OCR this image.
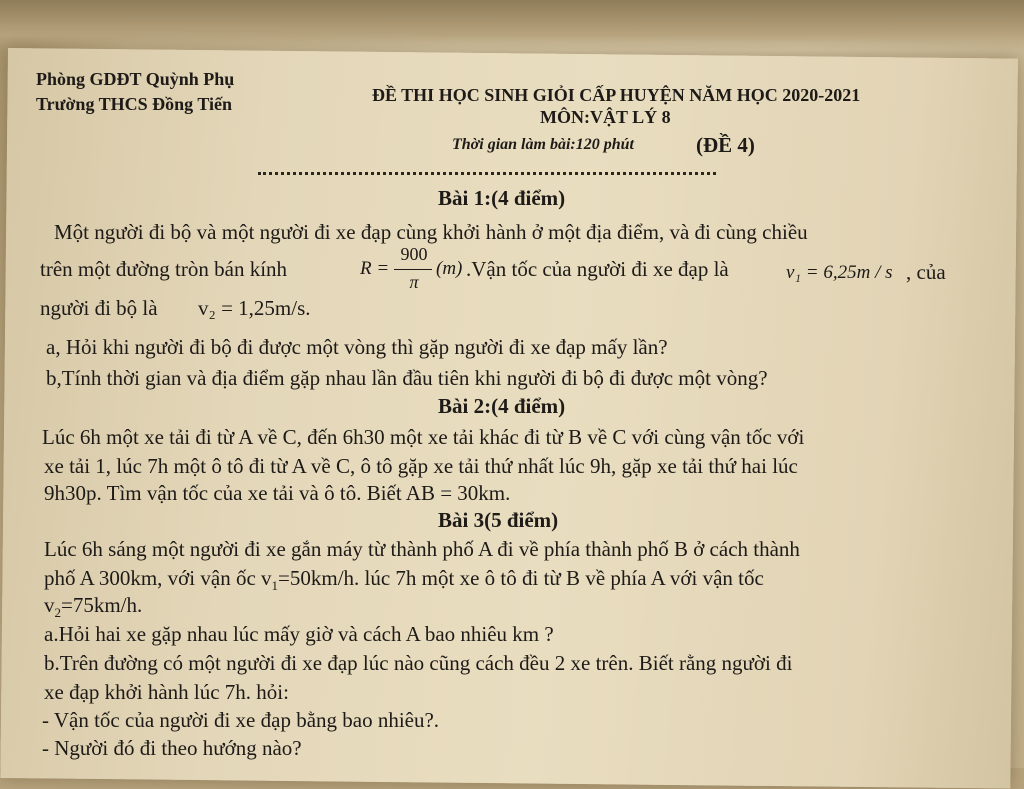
Phòng GDĐT Quỳnh Phụ
Trường THCS Đồng Tiến	ĐỀ THI HỌC SINH GIỎI CẤP HUYỆN NĂM HỌC 2020-2021
MÔN:VẬT LÝ 8
Thời gian làm bài:120 phút	(ĐỀ 4)
Bài 1:(4 điểm)
Một người đi bộ và một người đi xe đạp cùng khởi hành ở một địa điểm, và đi cùng chiều
trên một đường tròn bán kính	R =
900
π
(m) .Vận tốc của người đi xe đạp là	v₁ = 6,25m / s , của
người đi bộ là v₂ = 1,25m/s.
a, Hỏi khi người đi bộ đi được một vòng thì gặp người đi xe đạp mấy lần?
b,Tính thời gian và địa điểm gặp nhau lần đầu tiên khi người đi bộ đi được một vòng?
Bài 2:(4 điểm)
Lúc 6h một xe tải đi từ A về C, đến 6h30 một xe tải khác đi từ B về C với cùng vận tốc với
xe tải 1, lúc 7h một ô tô đi từ A về C, ô tô gặp xe tải thứ nhất lúc 9h, gặp xe tải thứ hai lúc
9h30p. Tìm vận tốc của xe tải và ô tô. Biết AB = 30km.
Bài 3(5 điểm)
Lúc 6h sáng một người đi xe gắn máy từ thành phố A đi về phía thành phố B ở cách thành
phố A 300km, với vận ốc $v_1=50km/h$. lúc 7h một xe ô tô đi từ B về phía A với vận tốc
$v_2=75km/h$.
a.Hỏi hai xe gặp nhau lúc mấy giờ và cách A bao nhiêu km ?
b.Trên đường có một người đi xe đạp lúc nào cũng cách đều 2 xe trên. Biết rằng người đi
xe đạp khởi hành lúc 7h. hỏi:
- Vận tốc của người đi xe đạp bằng bao nhiêu?.
- Người đó đi theo hướng nào?
